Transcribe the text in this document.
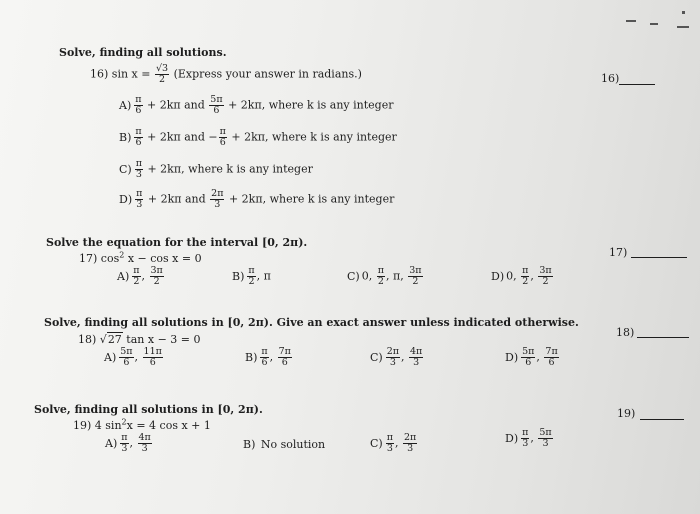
Solve, finding all solutions.
16) $\sin x = \frac{√3}{2}$ (Express your answer in radians.)	16)
$A) \frac{\pi}{6} + 2k\pi$ and $\frac{5\pi}{6} + 2k\pi$, where k is any integer
$B) \frac{\pi}{6} + 2k\pi$ and − $\frac{\pi}{6} + 2k\pi$, where k is any integer
$C) \frac{\pi}{3} + 2k\pi$, where k is any integer
$D) \frac{\pi}{3} + 2k\pi$ and $\frac{2\pi}{3} + 2k\pi$, where k is any integer
Solve the equation for the interval [0, 2π).
17) $\cos^2 x - \cos x = 0$	17)
$A) \frac{\pi}{2}$ , $\frac{3\pi}{2}$	$B) \frac{\pi}{2}$ , π	C) 0, $\frac{\pi}{2}$ , π, $\frac{3\pi}{2}$	D) 0, $\frac{\pi}{2}$ , $\frac{3\pi}{2}$
Solve, finding all solutions in [0, 2π). Give an exact answer unless indicated otherwise.
18) √27 tan x − 3 = 0
18)
$A) \frac{5\pi}{6}$ , $\frac{11\pi}{6}$	$B) \frac{\pi}{6}$ , $\frac{7\pi}{6}$	$C) \frac{2\pi}{3}$ , $\frac{4\pi}{3}$	$D) \frac{5\pi}{6}$ , $\frac{7\pi}{6}$
Solve, finding all solutions in [0, 2π).
19) 4 $\sin^2x = 4$ cos x + 1
19)
$A) \frac{\pi}{3}$ , $\frac{4\pi}{3}$	B) No solution	$C) \frac{\pi}{3}$ , $\frac{2\pi}{3}$	$D) \frac{\pi}{3}$ , $\frac{5\pi}{3}$
